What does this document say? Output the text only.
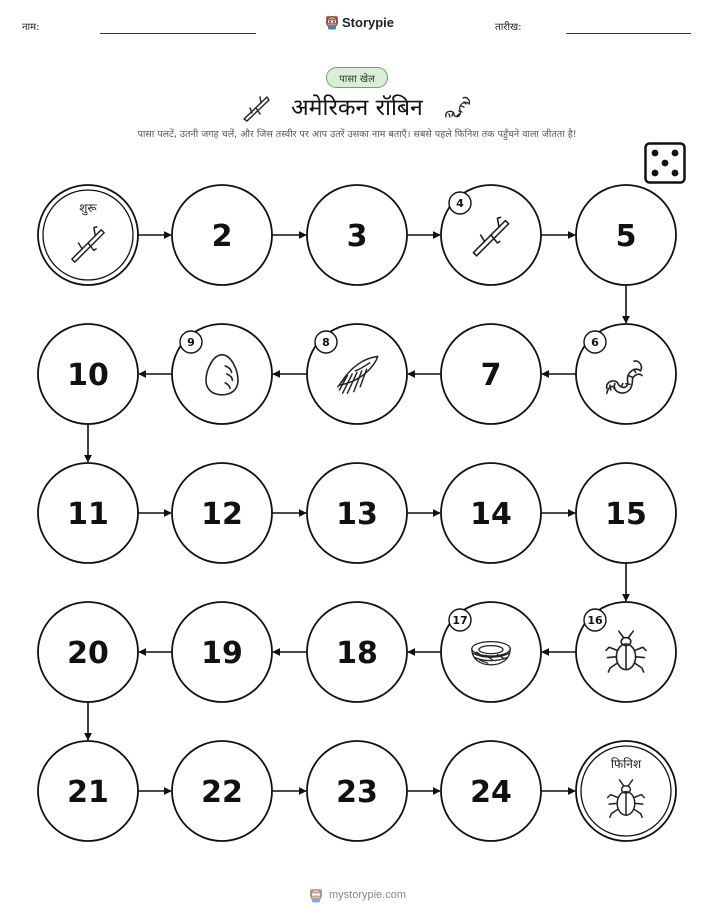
नाम:	Storypie	तारीख:
पासा खेल
अमेरिकन रॉबिन
पासा पलटें, उतनी जगह चलें, और जिस तस्वीर पर आप उतरें उसका नाम बताएँ। सबसे पहले फिनिश तक पहुँचने वाला जीतता है!
शुरू
2	3
4
5
10
9	8
7
6
11	12	13	14	15
20	19	18
17	16
21	22	23	24
फिनिश
mystorypie.com
